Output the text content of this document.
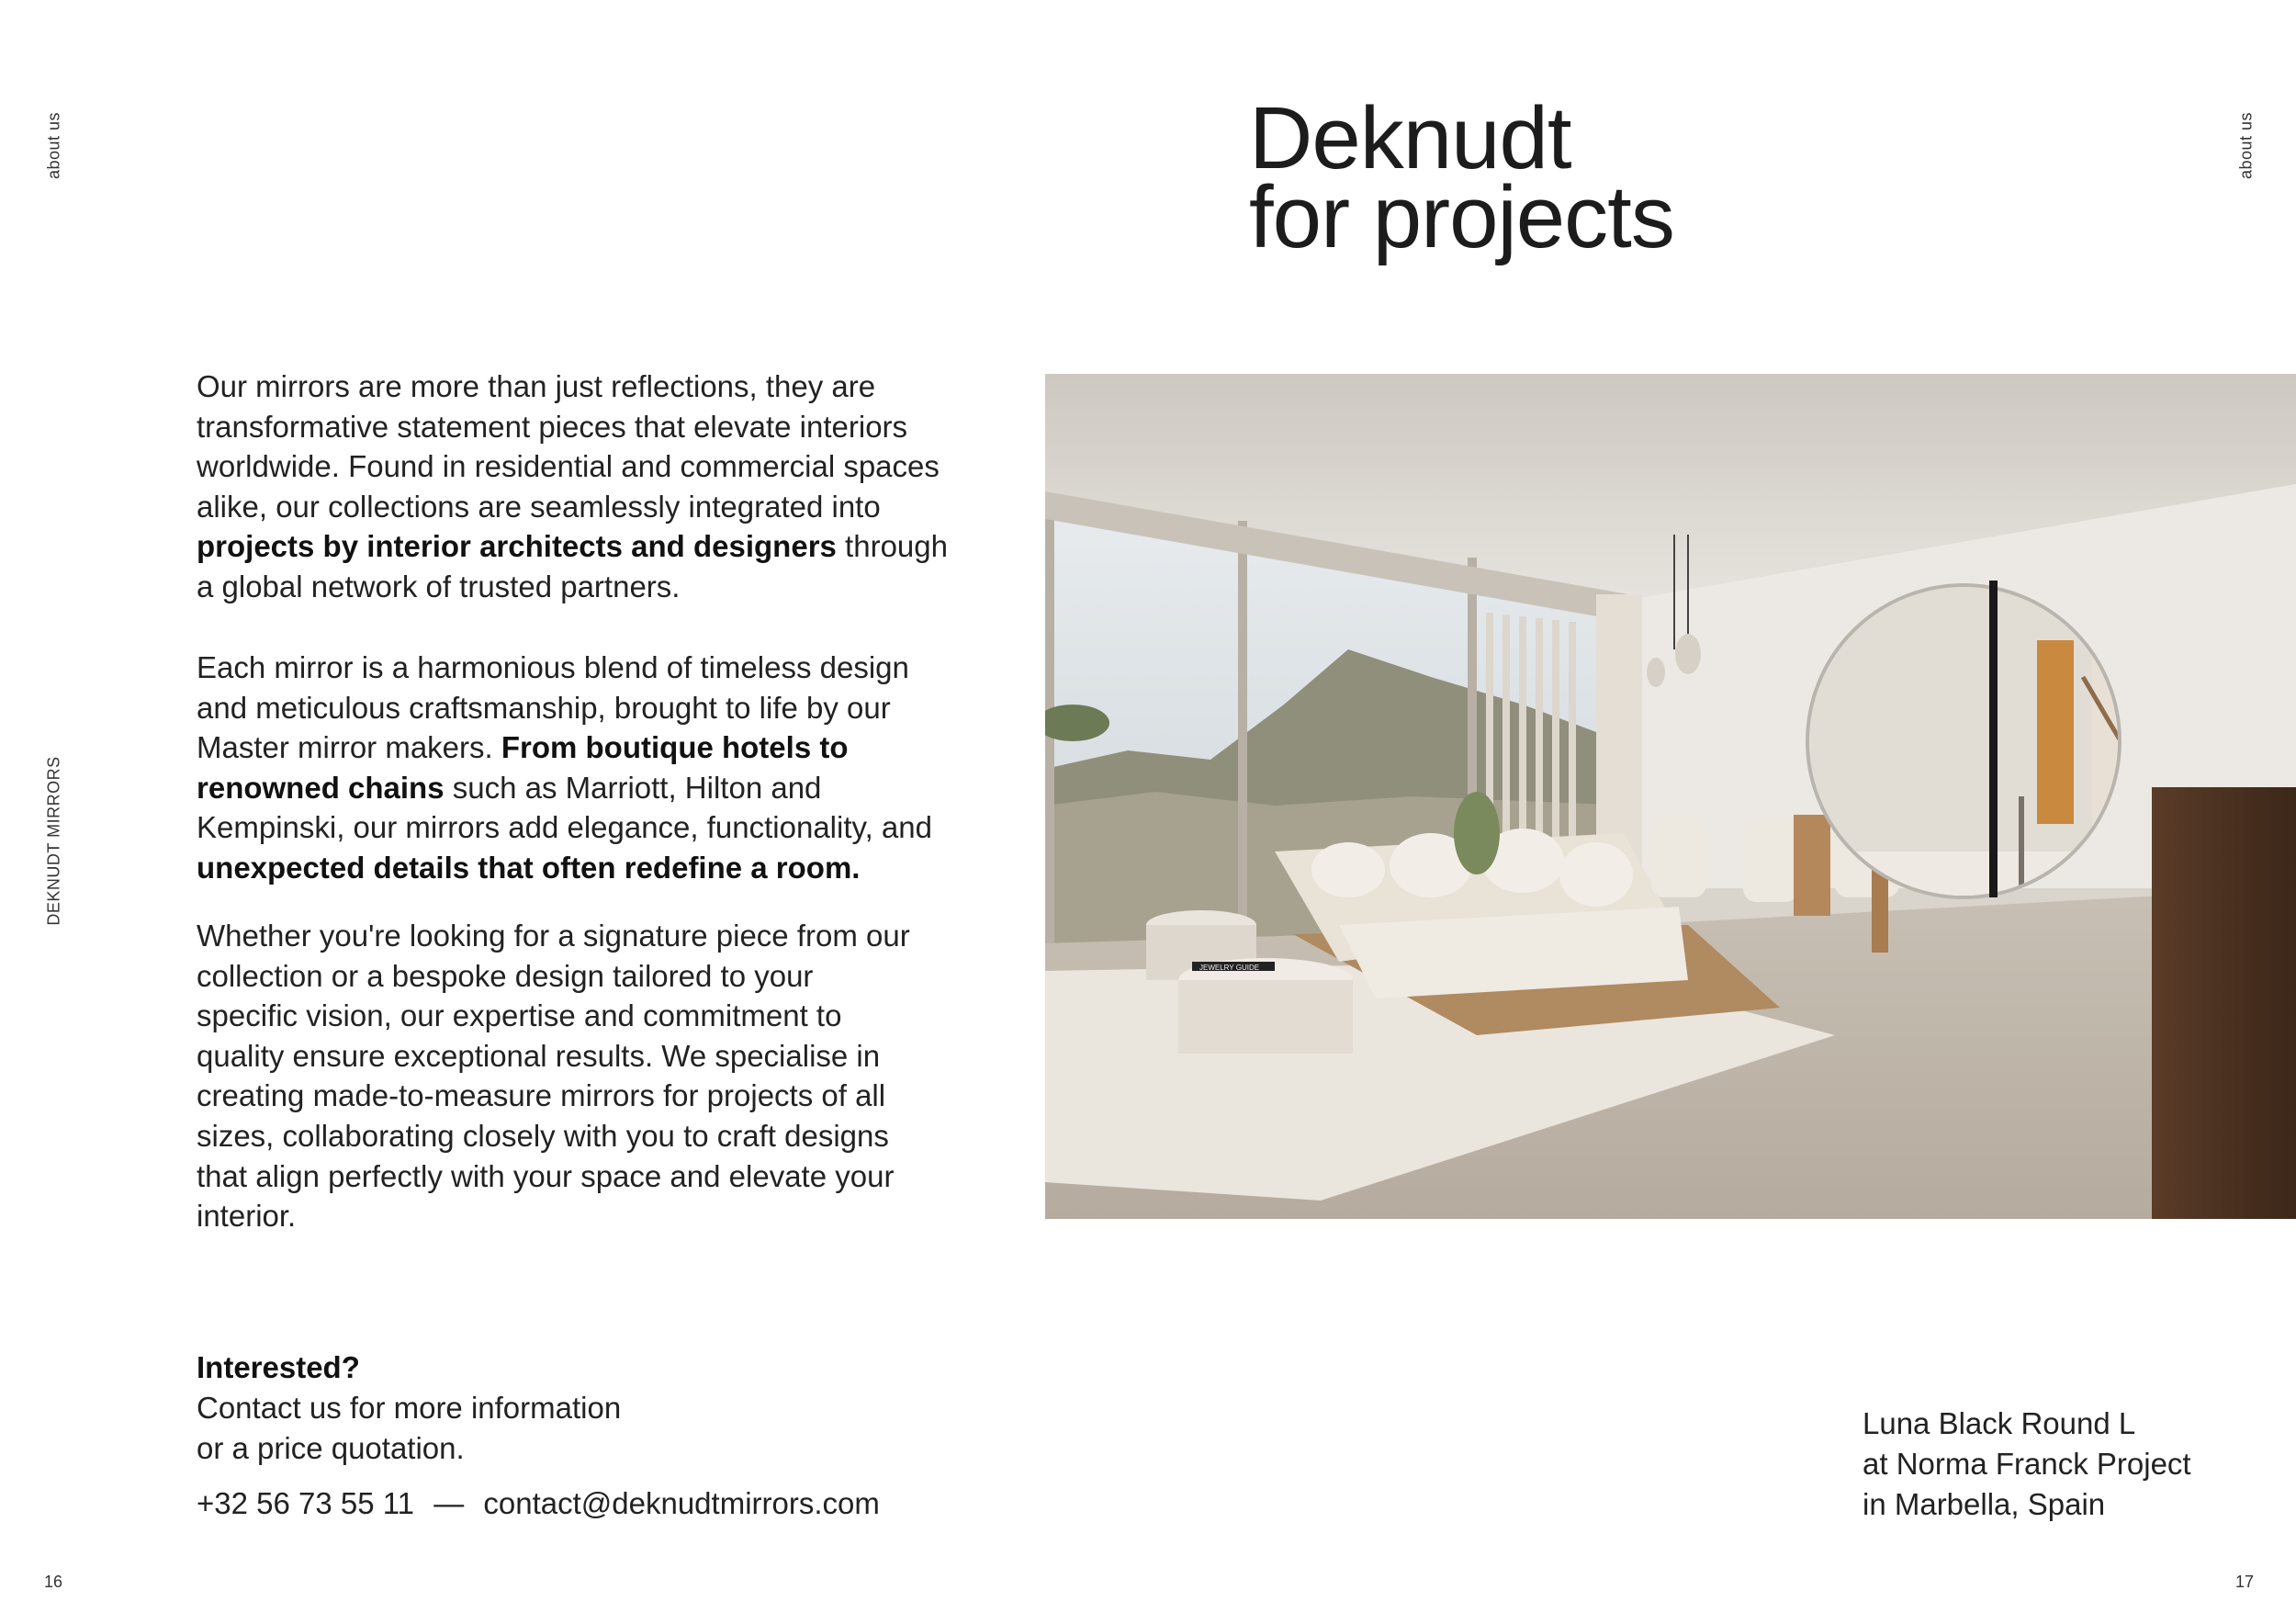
about us
DEKNUDT MIRRORS
about us
16	17
Deknudt
for projects

Our mirrors are more than just reflections, they are transformative statement pieces that elevate interiors worldwide. Found in residential and commercial spaces alike, our collections are seamlessly integrated into projects by interior architects and designers through a global network of trusted partners.

Each mirror is a harmonious blend of timeless design and meticulous craftsmanship, brought to life by our Master mirror makers. From boutique hotels to renowned chains such as Marriott, Hilton and Kempinski, our mirrors add elegance, functionality, and unexpected details that often redefine a room.

Whether you're looking for a signature piece from our collection or a bespoke design tailored to your specific vision, our expertise and commitment to quality ensure exceptional results. We specialise in creating made-to-measure mirrors for projects of all sizes, collaborating closely with you to craft designs that align perfectly with your space and elevate your interior.

Interested?
Contact us for more information
or a price quotation.
+32 56 73 55 11 — contact@deknudtmirrors.com
JEWELRY GUIDE
Luna Black Round L
at Norma Franck Project
in Marbella, Spain
